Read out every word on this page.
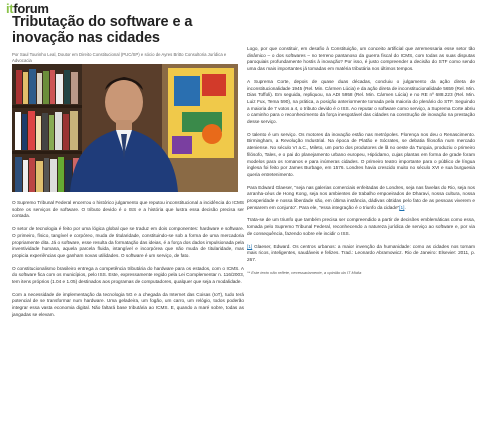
itforum
Tributação do software e a inovação nas cidades
Por Saul Tourinho Leal, Doutor em Direito Constitucional (PUC/SP) e sócio de Ayres Britto Consultoria Jurídica e Advocacia

O Supremo Tribunal Federal encerrou o histórico julgamento que reputou inconstitucional a incidência do ICMS sobre os serviços de software. O tributo devido é o ISS e a história que lustra essa decisão precisa ser contada.

O setor de tecnologia é feito por uma lógica global que se traduz em dois componentes: hardware e software. O primeiro, físico, tangível e corpóreo, muda de titularidade, constituindo-se sob a forma de uma mercadoria propriamente dita. Já o software, esse resulta da formatação das ideias, é a força dos dados impulsionada pela inventividade humana, aquela parcela fluida, intangível e incorpórea que não muda de titularidade, mas propicia experiências que ganham novas utilidades. O software é um serviço, de fato.

O constitucionalismo brasileiro entrega a competência tributária do hardware para os estados, com o ICMS. A do software fica com os municípios, pelo ISS. Este, expressamente regido pela Lei Complementar n. 116/2003, tem itens próprios (1.04 e 1.05) destinados aos programas de computadores, qualquer que seja a modalidade.

Com a necessidade de implementação da tecnologia 5G e a chegada da Internet das Coisas (IoT), tudo terá potencial de se transformar num hardware. Uma geladeira, um fogão, um carro, um relógio, todos poderão integrar essa vasta economia digital. Não faltará base tributária ao ICMS. E, quando a maré sobre, todas as jangadas se elevam.

Logo, por que constituir, em desafio à Constituição, um conceito artificial que arremessaria esse setor tão dinâmico – o dos softwares – no terreno pantanoso da guerra fiscal do ICMS, com todas as suas disputas paroquiais profundamente hostis à inovação? Por isso, é justo compreender a decisão do STF como sendo uma das mais importantes já tomadas em matéria tributária nos últimos tempos.

A Suprema Corte, depois de quase duas décadas, concluiu o julgamento da ação direta de inconstitucionalidade 1945 (Rel. Min. Cármen Lúcia) e da ação direta de inconstitucionalidade 5659 (Rel. Min. Dias Toffoli). Em seguida, repliquou, na ADI 5958 (Rel. Min. Cármen Lúcia) e no RE nº 688.223 (Rel. Min. Luiz Fux, Tema 590), na prática, a posição anteriormente tomada pela maioria do plenário do STF. Seguindo a maioria de 7 votos a 4, o tributo devido é o ISS. Ao reputar o software como serviço, a Suprema Corte abriu o caminho para o reconhecimento da força inesgotável das cidades na construção de inovação na prestação desse serviço.

O talento é um serviço. Os motores da inovação estão nas metrópoles. Florença nos deu o Renascimento. Birmingham, a Revolução Industrial. Na época de Platão e Sócrates, se debatia filosofia num mercado ateniense. No século VI a.C., Mileto, um porto dos produtores de lã no oeste da Turquia, produziu o primeiro filósofo, Tales, e o pai do planejamento urbano europeu, Hipódamo, cujas plantas em forma de grade foram modelos para os romanos e para inúmeras cidades. O primeiro teatro importante para o público de língua inglesa foi feito por James Burbage, em 1576. Londres havia crescido muito no século XVI e sua burguesia queria entretenimento.

Para Edward Glaeser, "seja nas galerias comerciais enfeitadas de Londres, seja nas favelas do Rio, seja nos arranha-céus de Hong Kong, seja nos ambientes de trabalho empoeirados de Dharavi, nossa cultura, nossa prosperidade e nossa liberdade são, em última instância, dádivas obtidas pelo fato de as pessoas viverem e pensarem em conjunto". Para ele, "essa integração é o triunfo da cidade"[1].

Trata-se de um triunfo que também precisa ser compreendido a partir de decisões emblemáticas como essa, tomada pelo Supremo Tribunal Federal, reconhecendo a natureza jurídica de serviço ao software e, por via de consequência, fazendo sobre ele incidir o ISS.

[1] Glaeser, Edward. Os centros urbanos: a maior invenção da humanidade: como as cidades nos tornam mais ricos, inteligentes, saudáveis e felizes. Trad.: Leonardo Abramowicz. Rio de Janeiro: Elsevier: 2011, p. 267.

** Este texto não reflete, necessariamente, a opinião da IT Mídia
